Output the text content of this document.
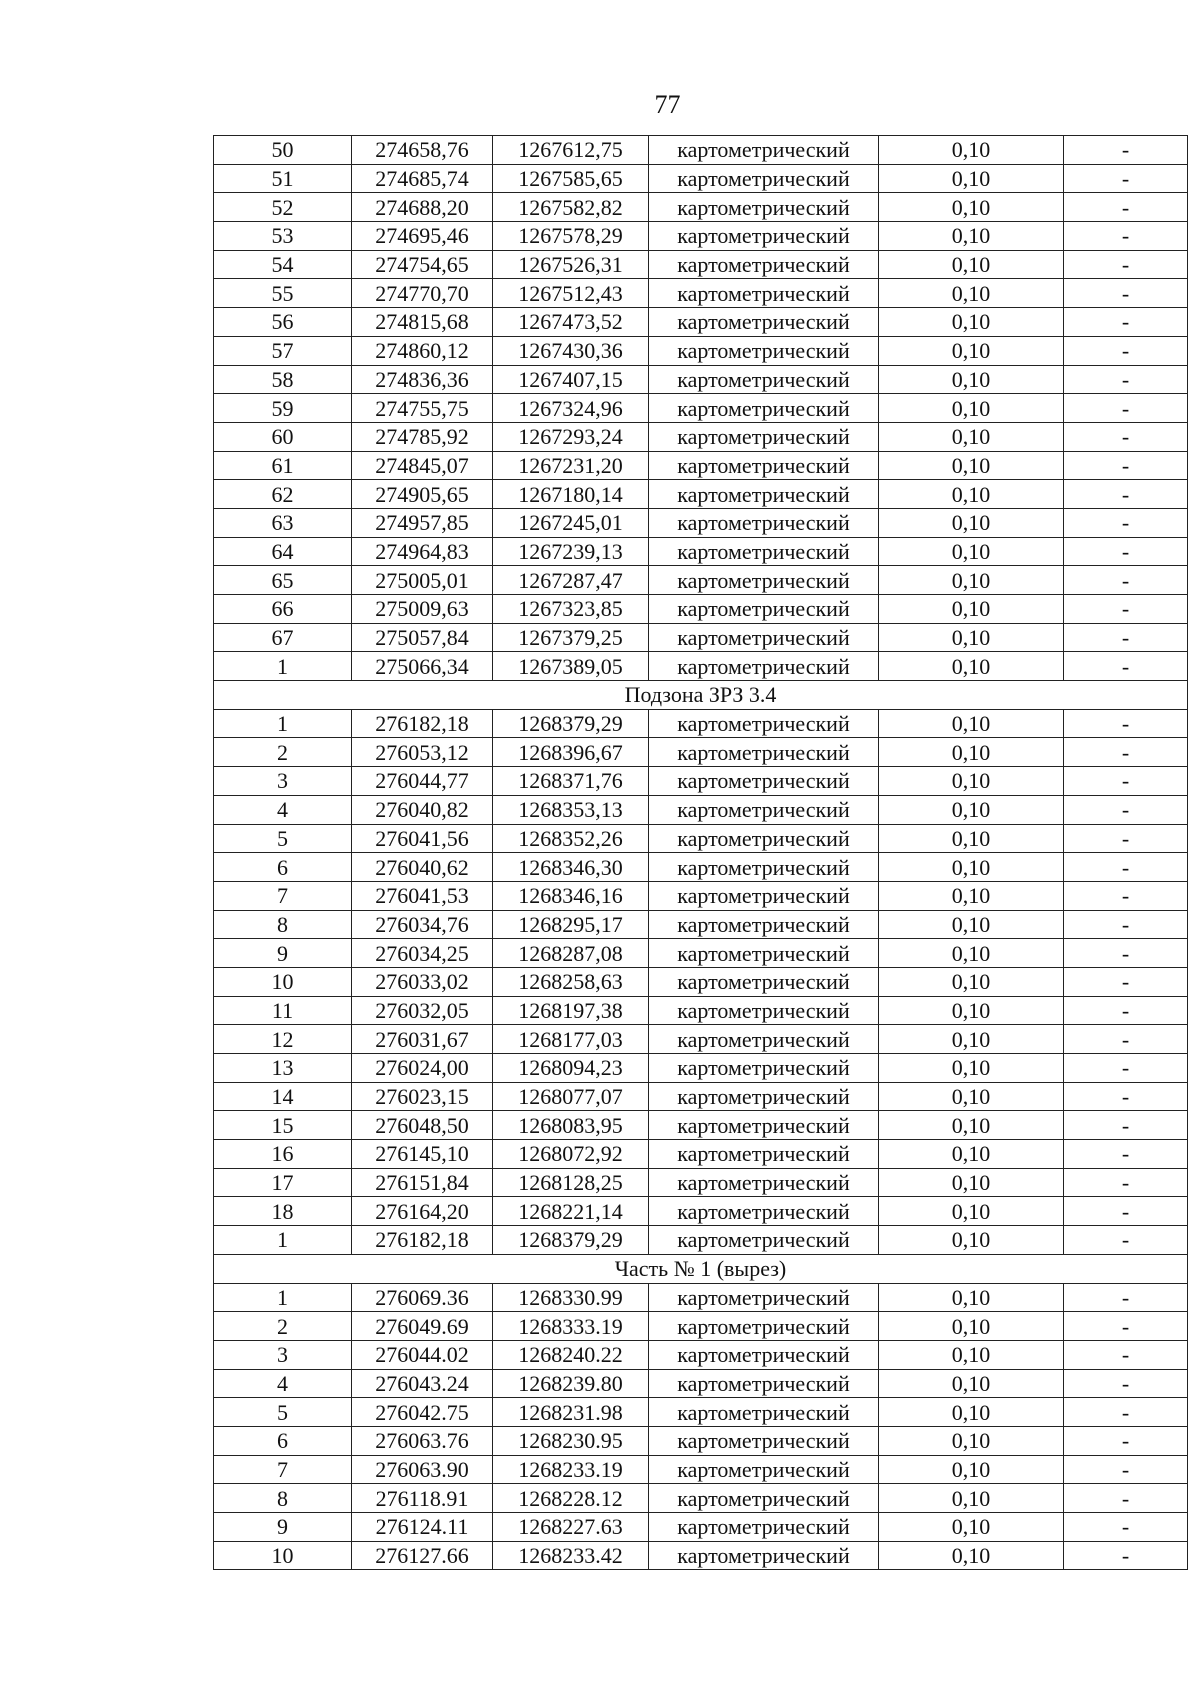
77
50	274658,76	1267612,75	картометрический	0,10	-
51	274685,74	1267585,65	картометрический	0,10	-
52	274688,20	1267582,82	картометрический	0,10	-
53	274695,46	1267578,29	картометрический	0,10	-
54	274754,65	1267526,31	картометрический	0,10	-
55	274770,70	1267512,43	картометрический	0,10	-
56	274815,68	1267473,52	картометрический	0,10	-
57	274860,12	1267430,36	картометрический	0,10	-
58	274836,36	1267407,15	картометрический	0,10	-
59	274755,75	1267324,96	картометрический	0,10	-
60	274785,92	1267293,24	картометрический	0,10	-
61	274845,07	1267231,20	картометрический	0,10	-
62	274905,65	1267180,14	картометрический	0,10	-
63	274957,85	1267245,01	картометрический	0,10	-
64	274964,83	1267239,13	картометрический	0,10	-
65	275005,01	1267287,47	картометрический	0,10	-
66	275009,63	1267323,85	картометрический	0,10	-
67	275057,84	1267379,25	картометрический	0,10	-
1	275066,34	1267389,05	картометрический	0,10	-
Подзона ЗРЗ 3.4					
1	276182,18	1268379,29	картометрический	0,10	-
2	276053,12	1268396,67	картометрический	0,10	-
3	276044,77	1268371,76	картометрический	0,10	-
4	276040,82	1268353,13	картометрический	0,10	-
5	276041,56	1268352,26	картометрический	0,10	-
6	276040,62	1268346,30	картометрический	0,10	-
7	276041,53	1268346,16	картометрический	0,10	-
8	276034,76	1268295,17	картометрический	0,10	-
9	276034,25	1268287,08	картометрический	0,10	-
10	276033,02	1268258,63	картометрический	0,10	-
11	276032,05	1268197,38	картометрический	0,10	-
12	276031,67	1268177,03	картометрический	0,10	-
13	276024,00	1268094,23	картометрический	0,10	-
14	276023,15	1268077,07	картометрический	0,10	-
15	276048,50	1268083,95	картометрический	0,10	-
16	276145,10	1268072,92	картометрический	0,10	-
17	276151,84	1268128,25	картометрический	0,10	-
18	276164,20	1268221,14	картометрический	0,10	-
1	276182,18	1268379,29	картометрический	0,10	-
Часть № 1 (вырез)					
1	276069.36	1268330.99	картометрический	0,10	-
2	276049.69	1268333.19	картометрический	0,10	-
3	276044.02	1268240.22	картометрический	0,10	-
4	276043.24	1268239.80	картометрический	0,10	-
5	276042.75	1268231.98	картометрический	0,10	-
6	276063.76	1268230.95	картометрический	0,10	-
7	276063.90	1268233.19	картометрический	0,10	-
8	276118.91	1268228.12	картометрический	0,10	-
9	276124.11	1268227.63	картометрический	0,10	-
10	276127.66	1268233.42	картометрический	0,10	-
